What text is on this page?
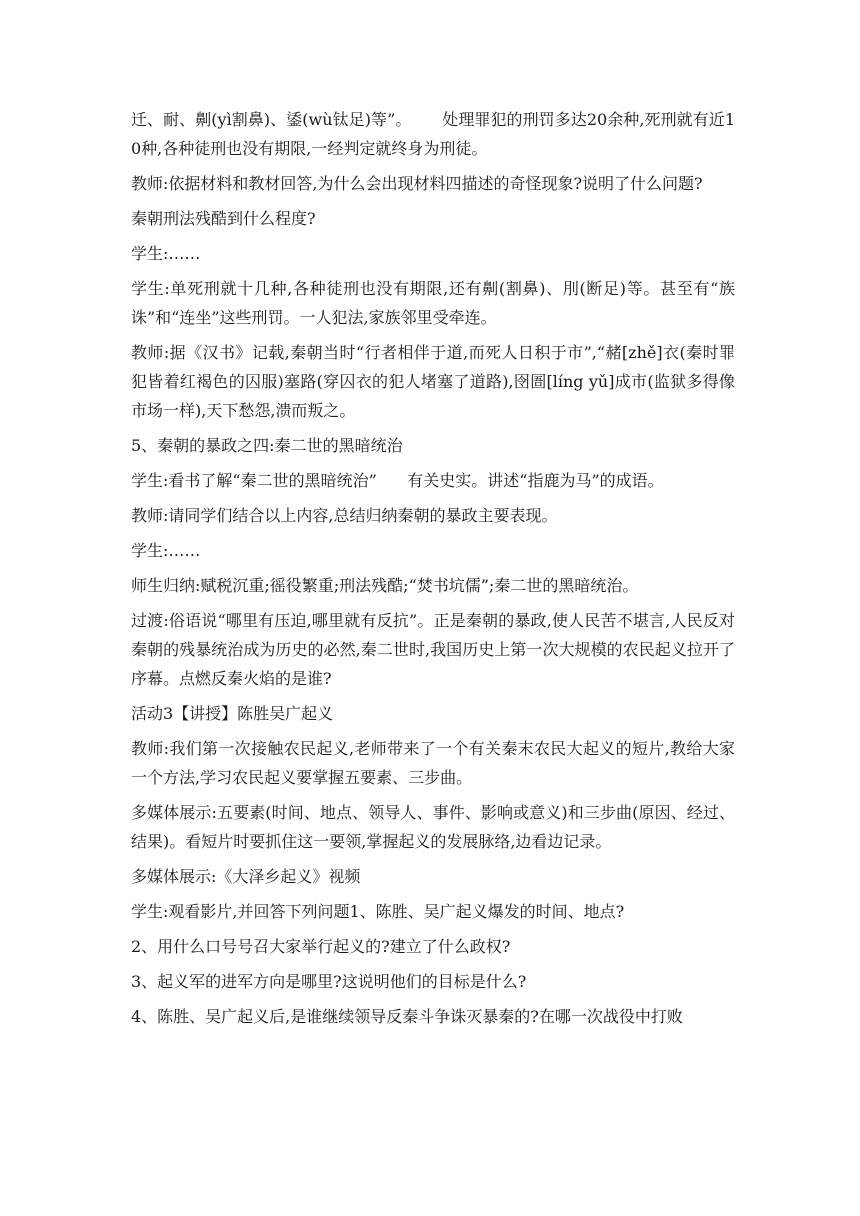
迁、耐、劓(yì割鼻)、鋈(wù钛足)等”。      处理罪犯的刑罚多达20余种,死刑就有近10种,各种徒刑也没有期限,一经判定就终身为刑徒。

教师:依据材料和教材回答,为什么会出现材料四描述的奇怪现象?说明了什么问题?

秦朝刑法残酷到什么程度?

学生:……

学生:单死刑就十几种,各种徒刑也没有期限,还有劓(割鼻)、刖(断足)等。甚至有“族诛”和“连坐”这些刑罚。一人犯法,家族邻里受牵连。

教师:据《汉书》记载,秦朝当时“行者相伴于道,而死人日积于市”,“赭[zhě]衣(秦时罪犯皆着红褐色的囚服)塞路(穿囚衣的犯人堵塞了道路),囹圄[líng yǔ]成市(监狱多得像市场一样),天下愁怨,溃而叛之。

5、秦朝的暴政之四:秦二世的黑暗统治

学生:看书了解“秦二世的黑暗统治”      有关史实。讲述“指鹿为马”的成语。

教师:请同学们结合以上内容,总结归纳秦朝的暴政主要表现。

学生:……

师生归纳:赋税沉重;徭役繁重;刑法残酷;“焚书坑儒”;秦二世的黑暗统治。

过渡:俗语说“哪里有压迫,哪里就有反抗”。正是秦朝的暴政,使人民苦不堪言,人民反对秦朝的残暴统治成为历史的必然,秦二世时,我国历史上第一次大规模的农民起义拉开了序幕。点燃反秦火焰的是谁?

活动3【讲授】陈胜吴广起义

教师:我们第一次接触农民起义,老师带来了一个有关秦末农民大起义的短片,教给大家一个方法,学习农民起义要掌握五要素、三步曲。

多媒体展示:五要素(时间、地点、领导人、事件、影响或意义)和三步曲(原因、经过、结果)。看短片时要抓住这一要领,掌握起义的发展脉络,边看边记录。

多媒体展示:《大泽乡起义》视频

学生:观看影片,并回答下列问题1、陈胜、吴广起义爆发的时间、地点?

2、用什么口号号召大家举行起义的?建立了什么政权?

3、起义军的进军方向是哪里?这说明他们的目标是什么?

4、陈胜、吴广起义后,是谁继续领导反秦斗争诛灭暴秦的?在哪一次战役中打败
